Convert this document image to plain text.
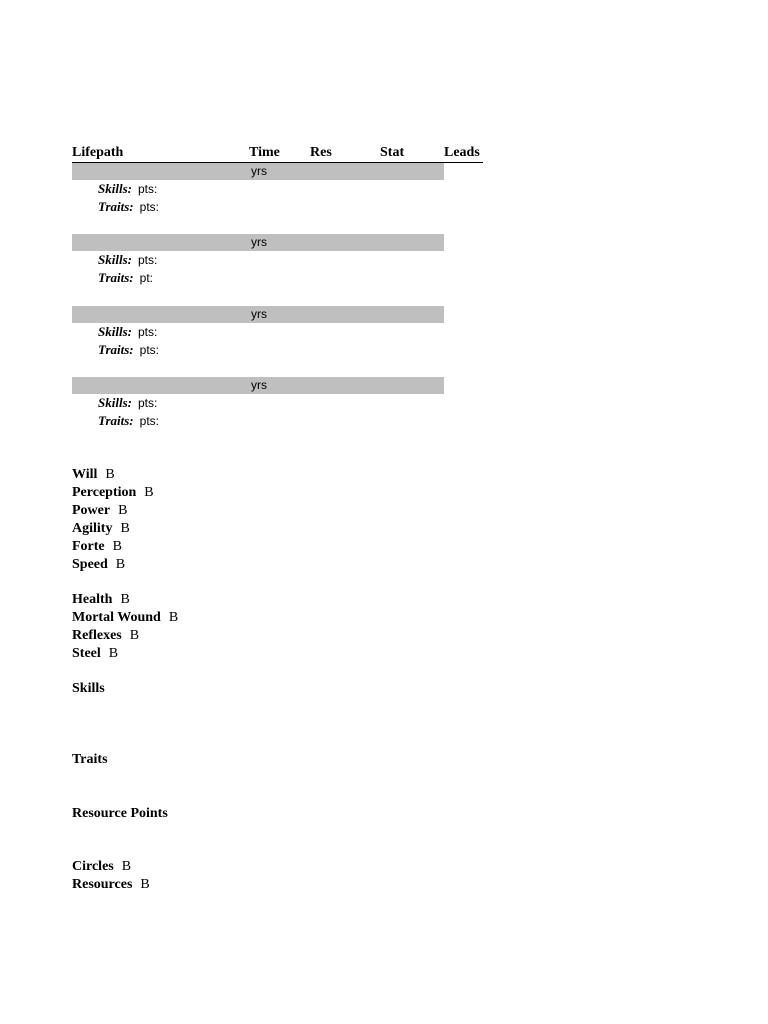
Lifepath	Time Res	Stat	Leads
yrs
Skills: pts:
Traits: pts:
yrs
Skills: pts:
Traits: pt:
yrs
Skills: pts:
Traits: pts:
yrs
Skills: pts:
Traits: pts:
Will B
Perception B
Power B
Agility B
Forte B
Speed B
Health B
Mortal Wound B
Reflexes B
Steel B
Skills
Traits
Resource Points
Circles B
Resources B
